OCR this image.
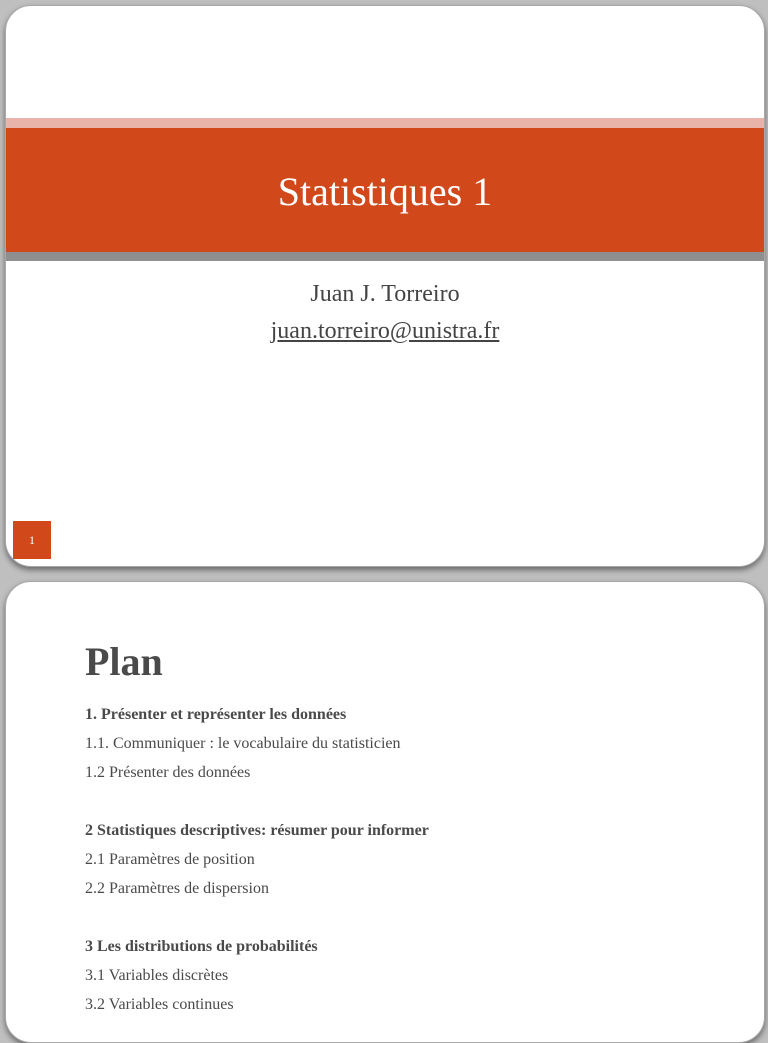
Statistiques 1
Juan J. Torreiro
juan.torreiro@unistra.fr
1
Plan
1. Présenter et représenter les données
1.1. Communiquer : le vocabulaire du statisticien
1.2 Présenter des données
2 Statistiques descriptives: résumer pour informer
2.1 Paramètres de position
2.2 Paramètres de dispersion
3 Les distributions de probabilités
3.1 Variables discrètes
3.2 Variables continues
